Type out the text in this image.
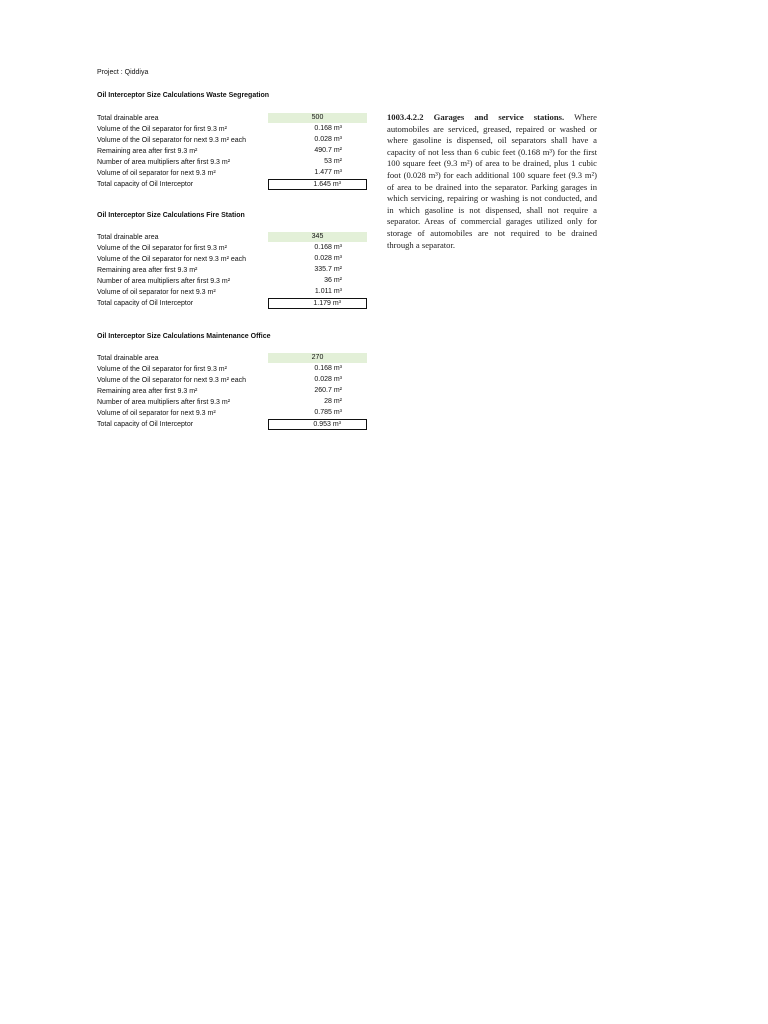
Project : Qiddiya
Oil Interceptor Size Calculations Waste Segregation
Total drainable area	500
Volume of the Oil separator for first 9.3 m²	0.168 m³
Volume of the Oil separator for next 9.3 m² each	0.028 m³
Remaining area after first 9.3 m²	490.7 m²
Number of area multipliers after first 9.3 m²	53 m²
Volume of oil separator for next 9.3 m²	1.477 m³
Total capacity of Oil Interceptor	1.645 m³
Oil Interceptor Size Calculations Fire Station
Total drainable area	345
Volume of the Oil separator for first 9.3 m²	0.168 m³
Volume of the Oil separator for next 9.3 m² each	0.028 m³
Remaining area after first 9.3 m²	335.7 m²
Number of area multipliers after first 9.3 m²	36 m²
Volume of oil separator for next 9.3 m²	1.011 m³
Total capacity of Oil Interceptor	1.179 m³
Oil Interceptor Size Calculations Maintenance Office
Total drainable area	270
Volume of the Oil separator for first 9.3 m²	0.168 m³
Volume of the Oil separator for next 9.3 m² each	0.028 m³
Remaining area after first 9.3 m²	260.7 m²
Number of area multipliers after first 9.3 m²	28 m²
Volume of oil separator for next 9.3 m²	0.785 m³
Total capacity of Oil Interceptor	0.953 m³
1003.4.2.2 Garages and service stations. Where automobiles are serviced, greased, repaired or washed or where gasoline is dispensed, oil separators shall have a capacity of not less than 6 cubic feet (0.168 m³) for the first 100 square feet (9.3 m²) of area to be drained, plus 1 cubic foot (0.028 m³) for each additional 100 square feet (9.3 m²) of area to be drained into the separator. Parking garages in which servicing, repairing or washing is not conducted, and in which gasoline is not dispensed, shall not require a separator. Areas of commercial garages utilized only for storage of automobiles are not required to be drained through a separator.
